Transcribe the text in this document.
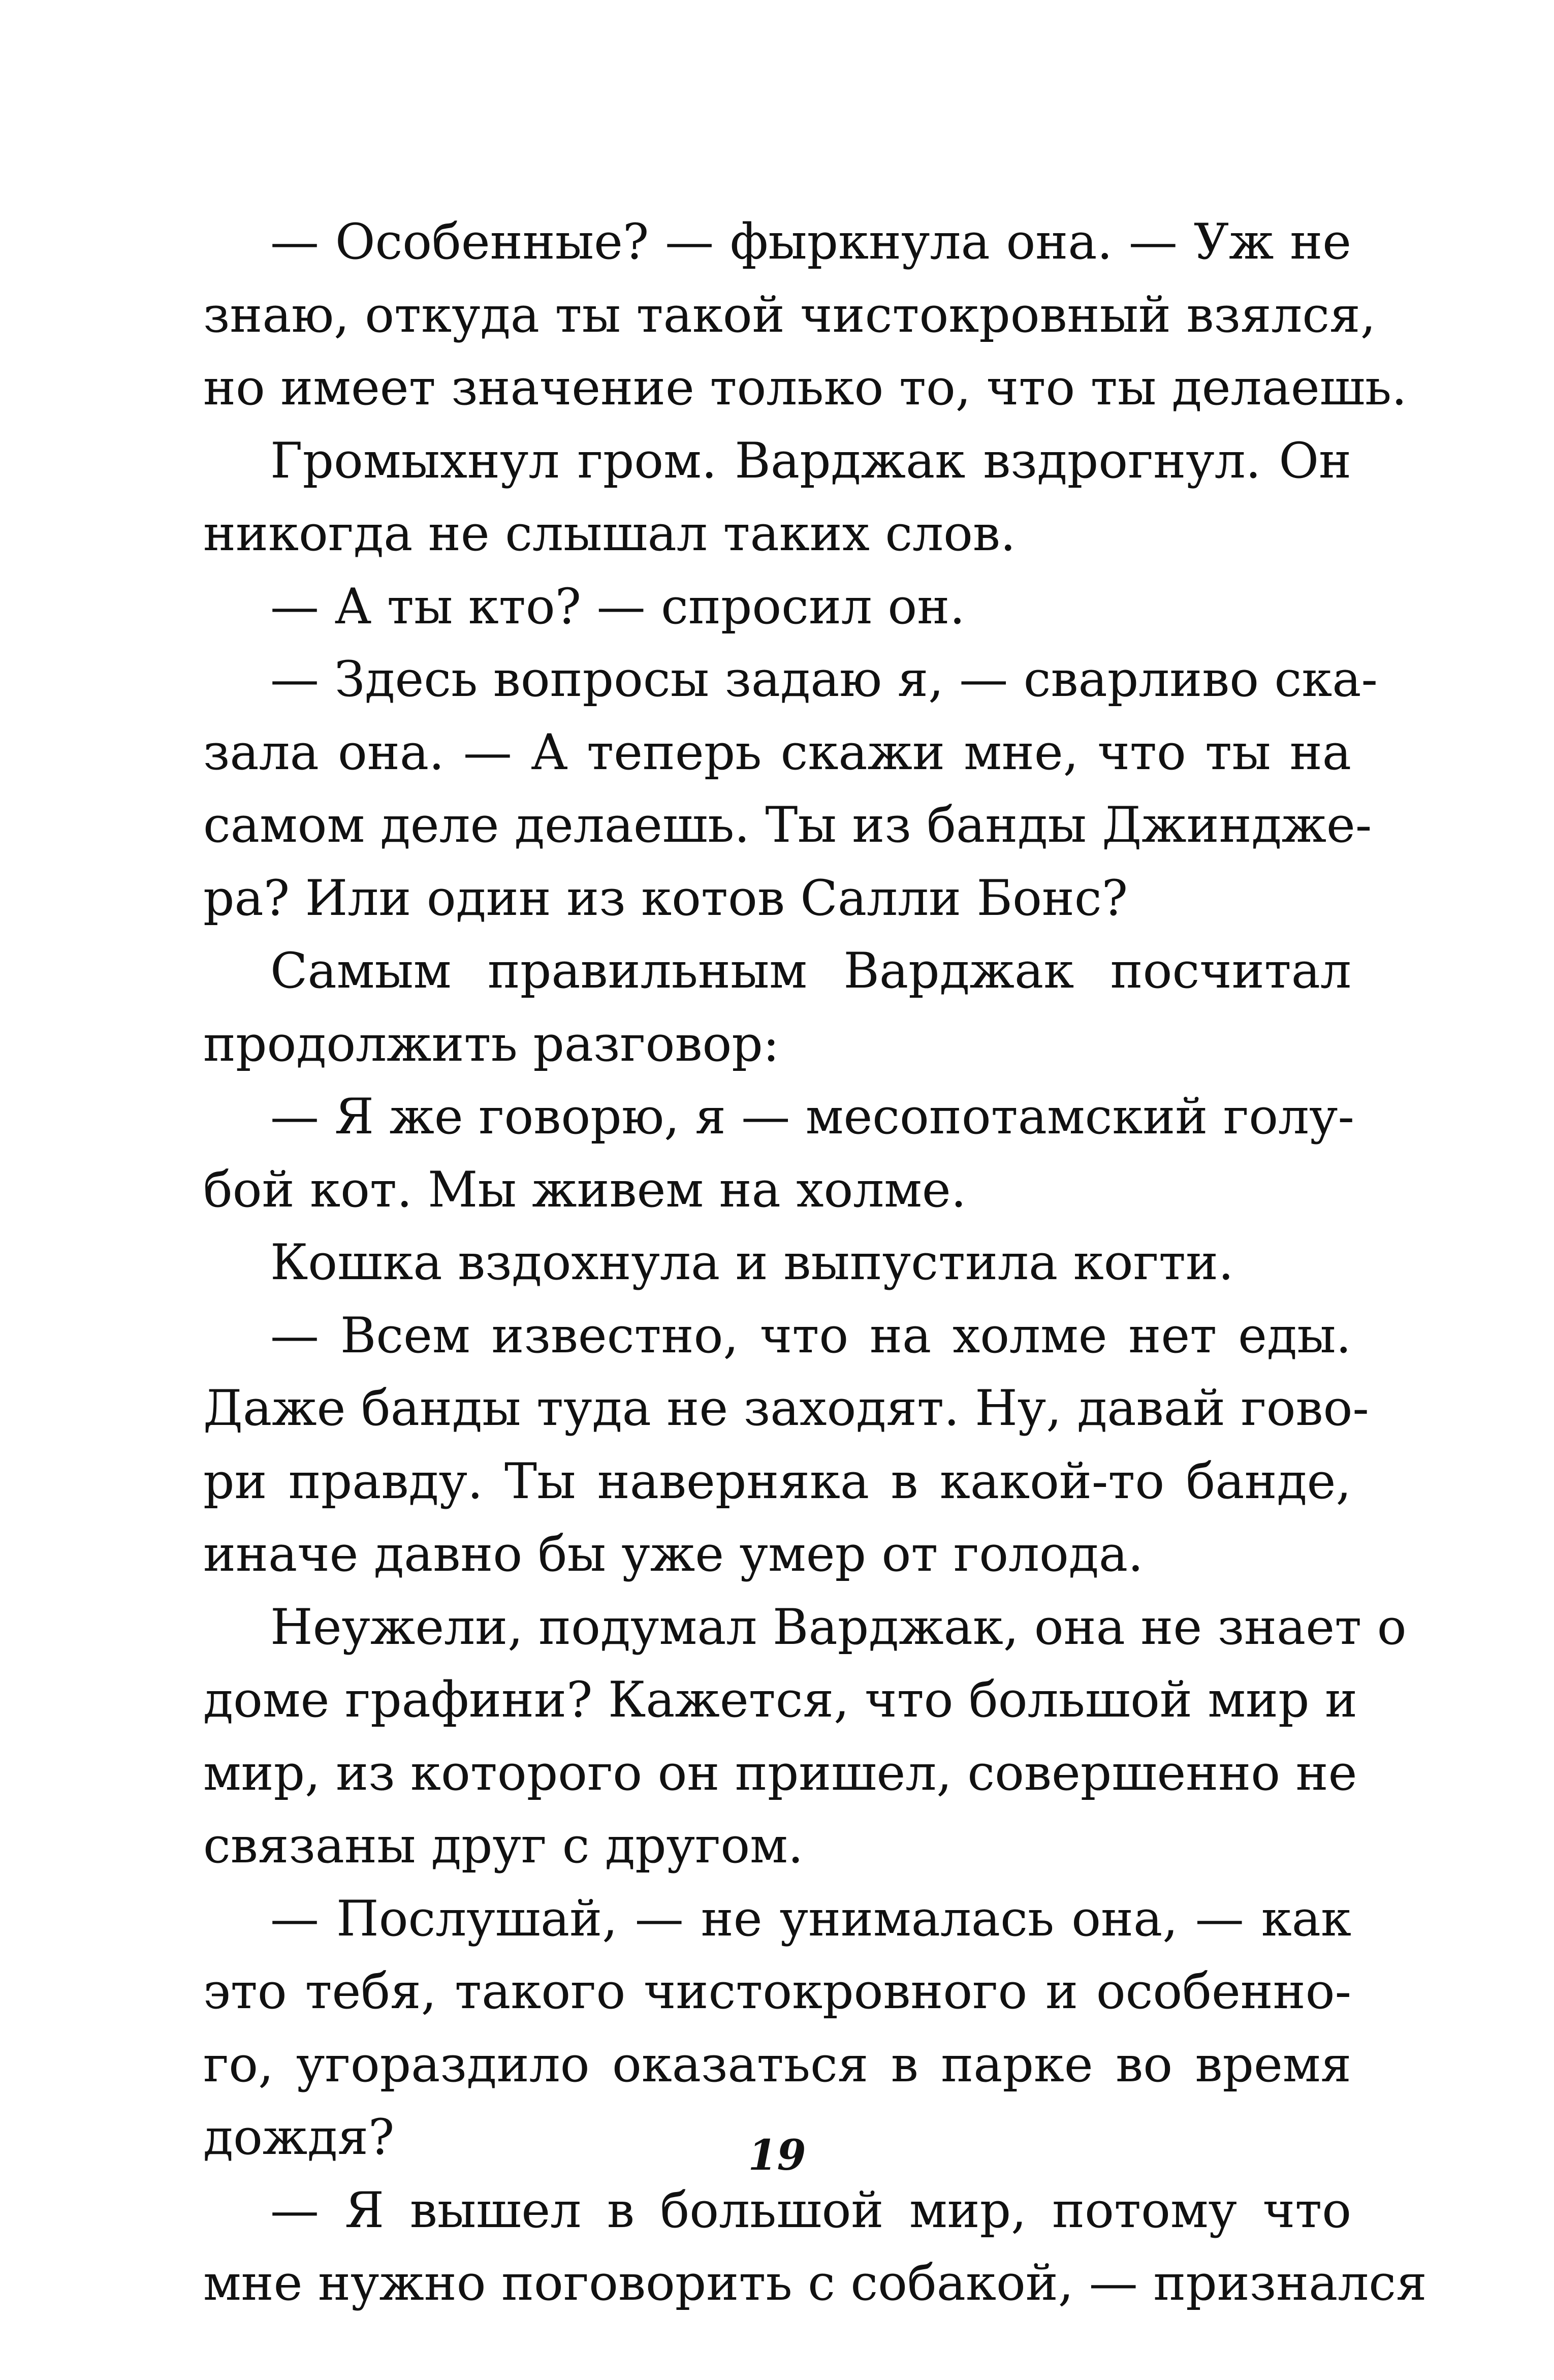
— Особенные? — фыркнула она. — Уж не
знаю, откуда ты такой чистокровный взялся,
но имеет значение только то, что ты делаешь.
Громыхнул гром. Варджак вздрогнул. Он
никогда не слышал таких слов.
— А ты кто? — спросил он.
— Здесь вопросы задаю я, — сварливо ска-
зала она. — А теперь скажи мне, что ты на
самом деле делаешь. Ты из банды Джиндже-
ра? Или один из котов Салли Бонс?
Самым правильным Варджак посчитал
продолжить разговор:
— Я же говорю, я — месопотамский голу-
бой кот. Мы живем на холме.
Кошка вздохнула и выпустила когти.
— Всем известно, что на холме нет еды.
Даже банды туда не заходят. Ну, давай гово-
ри правду. Ты наверняка в какой-то банде,
иначе давно бы уже умер от голода.
Неужели, подумал Варджак, она не знает о
доме графини? Кажется, что большой мир и
мир, из которого он пришел, совершенно не
связаны друг с другом.
— Послушай, — не унималась она, — как
это тебя, такого чистокровного и особенно-
го, угораздило оказаться в парке во время
дождя?
— Я вышел в большой мир, потому что
мне нужно поговорить с собакой, — признался
19
